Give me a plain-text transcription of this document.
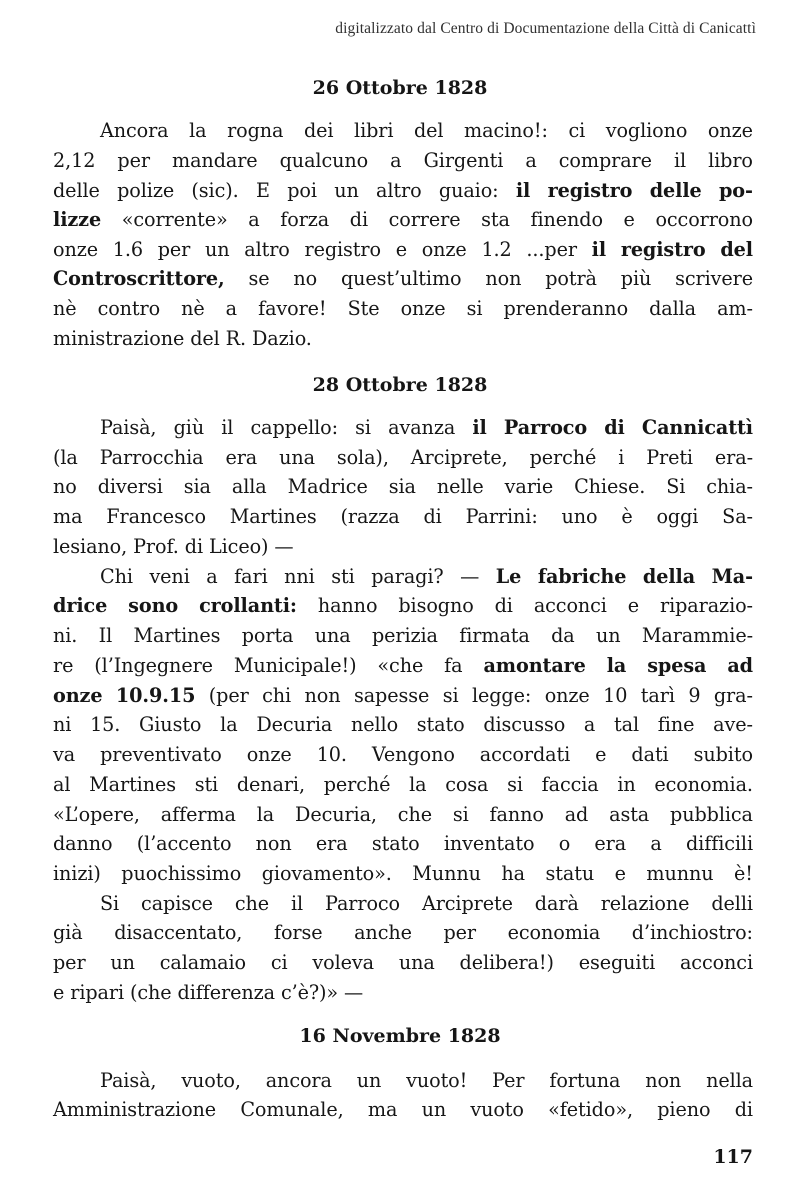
digitalizzato dal Centro di Documentazione della Città di Canicattì
26 Ottobre 1828
Ancora la rogna dei libri del macino!: ci vogliono onze
2,12 per mandare qualcuno a Girgenti a comprare il libro
delle polize (sic). E poi un altro guaio: il registro delle po-
lizze «corrente» a forza di correre sta finendo e occorrono
onze 1.6 per un altro registro e onze 1.2 ...per il registro del
Controscrittore, se no quest’ultimo non potrà più scrivere
nè contro nè a favore! Ste onze si prenderanno dalla am-
ministrazione del R. Dazio.
28 Ottobre 1828
Paisà, giù il cappello: si avanza il Parroco di Cannicattì
(la Parrocchia era una sola), Arciprete, perché i Preti era-
no diversi sia alla Madrice sia nelle varie Chiese. Si chia-
ma Francesco Martines (razza di Parrini: uno è oggi Sa-
lesiano, Prof. di Liceo) —
Chi veni a fari nni sti paragi? — Le fabriche della Ma-
drice sono crollanti: hanno bisogno di acconci e riparazio-
ni. Il Martines porta una perizia firmata da un Marammie-
re (l’Ingegnere Municipale!) «che fa amontare la spesa ad
onze 10.9.15 (per chi non sapesse si legge: onze 10 tarì 9 gra-
ni 15. Giusto la Decuria nello stato discusso a tal fine ave-
va preventivato onze 10. Vengono accordati e dati subito
al Martines sti denari, perché la cosa si faccia in economia.
«L’opere, afferma la Decuria, che si fanno ad asta pubblica
danno (l’accento non era stato inventato o era a difficili
inizi) puochissimo giovamento». Munnu ha statu e munnu è!
Si capisce che il Parroco Arciprete darà relazione delli
già disaccentato, forse anche per economia d’inchiostro:
per un calamaio ci voleva una delibera!) eseguiti acconci
e ripari (che differenza c’è?)» —
16 Novembre 1828
Paisà, vuoto, ancora un vuoto! Per fortuna non nella
Amministrazione Comunale, ma un vuoto «fetido», pieno di
117
